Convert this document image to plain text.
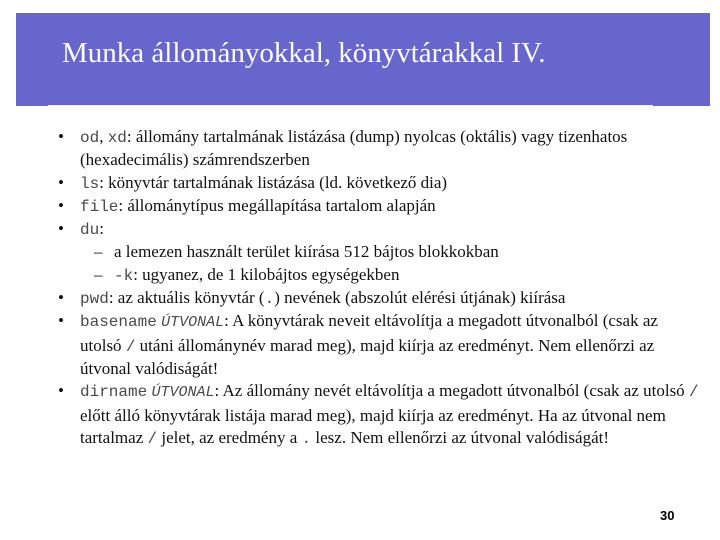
Munka állományokkal, könyvtárakkal IV.
• od, xd: állomány tartalmának listázása (dump) nyolcas (oktális) vagy tizenhatos (hexadecimális) számrendszerben
• ls: könyvtár tartalmának listázása (ld. következő dia)
• file: állománytípus megállapítása tartalom alapján
• du:
– a lemezen használt terület kiírása 512 bájtos blokkokban
– -k: ugyanez, de 1 kilobájtos egységekben
• pwd: az aktuális könyvtár (.) nevének (abszolút elérési útjának) kiírása
• basename ÚTVONAL: A könyvtárak neveit eltávolítja a megadott útvonalból (csak az utolsó / utáni állománynév marad meg), majd kiírja az eredményt. Nem ellenőrzi az útvonal valódiságát!
• dirname ÚTVONAL: Az állomány nevét eltávolítja a megadott útvonalból (csak az utolsó / előtt álló könyvtárak listája marad meg), majd kiírja az eredményt. Ha az útvonal nem tartalmaz / jelet, az eredmény a . lesz. Nem ellenőrzi az útvonal valódiságát!
30
